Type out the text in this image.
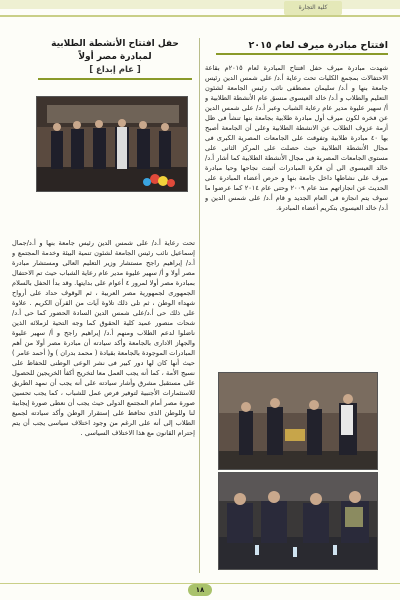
كلية التجارة
افتتاح مبادرة ميرف لعام ٢٠١٥
شهدت مبادرة ميرف حفل افتتاح المبادرة لعام ٢٠١٥م بقاعة الاحتفالات بمجمع الكليات تحت رعاية أ.د/ على شمس الدين رئيس جامعة بنها و أ.د/ سليمان مصطفى نائب رئيس الجامعة لشئون التعليم والطلاب و أ.د/ خالد العيسوى منسق عام الأنشطة الطلابية و أ/ سهير عليوة مدير عام رعاية الشباب وعبر أ.د/ على شمس الدين عن فخره لكون ميرف أول مبادرة طلابية بجامعة بنها تنشأ فى ظل أزمة عزوف الطلاب عن الانشطة الطلابية وعلى أن الجامعة أصبح بها ٤٠ مبادرة طلابية وتفوقت على الجامعات المصرية الكبرى فى مجال الأنشطة الطلابية حيث حصلت على المركز الثانى على مستوى الجامعات المصرية فى مجال الأنشطة الطلابية كما أشار أ.د/ خالد العيسوى الى أن فكرة المبادرات أثبتت نجاحها وحيا مبادرة ميرف على نشاطها داخل جامعة بنها و حرص أعضاء المبادرة على الحديث عن انجازاتهم منذ عام ٢٠٠٩ وحتى عام ٢٠١٤ كما عرضوا ما سوف يتم انجازه فى العام الجديد و قام أ.د/ على شمس الدين و أ.د/ خالد العيسوى بتكريم أعضاء المبادرة.
حفل افتتاح الأنشطة الطلابية
لمبادرة مصر أولاً
[ عام إبداع ]
تحت رعاية أ.د/ على شمس الدين رئيس جامعة بنها و أ.د/جمال إسماعيل نائب رئيس الجامعة لشئون تنمية البيئة وخدمة المجتمع و أ.د/ إبراهيم راجح مستشار وزير التعليم العالى ومستشار مبادرة مصر أولا و أ/ سهير عليوة مدير عام رعاية الشباب حيث تم الاحتفال بمبادرة مصر أولا لمرور ٤ أعوام على بدايتها. وقد بدأ الحفل بالسلام الجمهورى لجمهورية مصر العربية ، ثم الوقوف حداد على أرواح شهداء الوطن ، ثم تلى ذلك تلاوة آيات من القرآن الكريم . علاوة على ذلك حى أ.د/على شمس الدين السادة الحضور كما حى أ.د/ شحات منصور عميد كلية الحقوق كما وجه التحية لزملائه الذين ناضلوا لدعم الطلاب ومنهم أ.د/ إبراهيم راجح و أ/ سهير عليوة والجهاز الادارى بالجامعة وأكد سيادته أن مبادرة مصر أولا من أهم المبادرات الموجودة بالجامعة بقيادة ( محمد بدران ) و( أحمد عامر ) حيث أنها كان لها دور كبير فى نشر الوعى الوطنى للحفاظ على نسيج الأمة ، كما أنه يجب العمل معا لتخريج أكفأ الخريجين للحصول على مستقبل مشرق وأشار سيادته على أنه يجب أن نمهد الطريق للاستثمارات الأجنبية لتوفير فرص عمل للشباب ، كما يجب تحسين صورة مصر أمام المجتمع الدولى حيث يجب أن نعطى صورة إيجابية لنا وللوطن الذى تحافظ على إستقرار الوطن وأكد سيادته لجميع الطلاب إلى أنه على الرغم من وجود اختلاف سياسى يجب أن يتم إحترام القانون مع هذا الاختلاف السياسى .
١٨
